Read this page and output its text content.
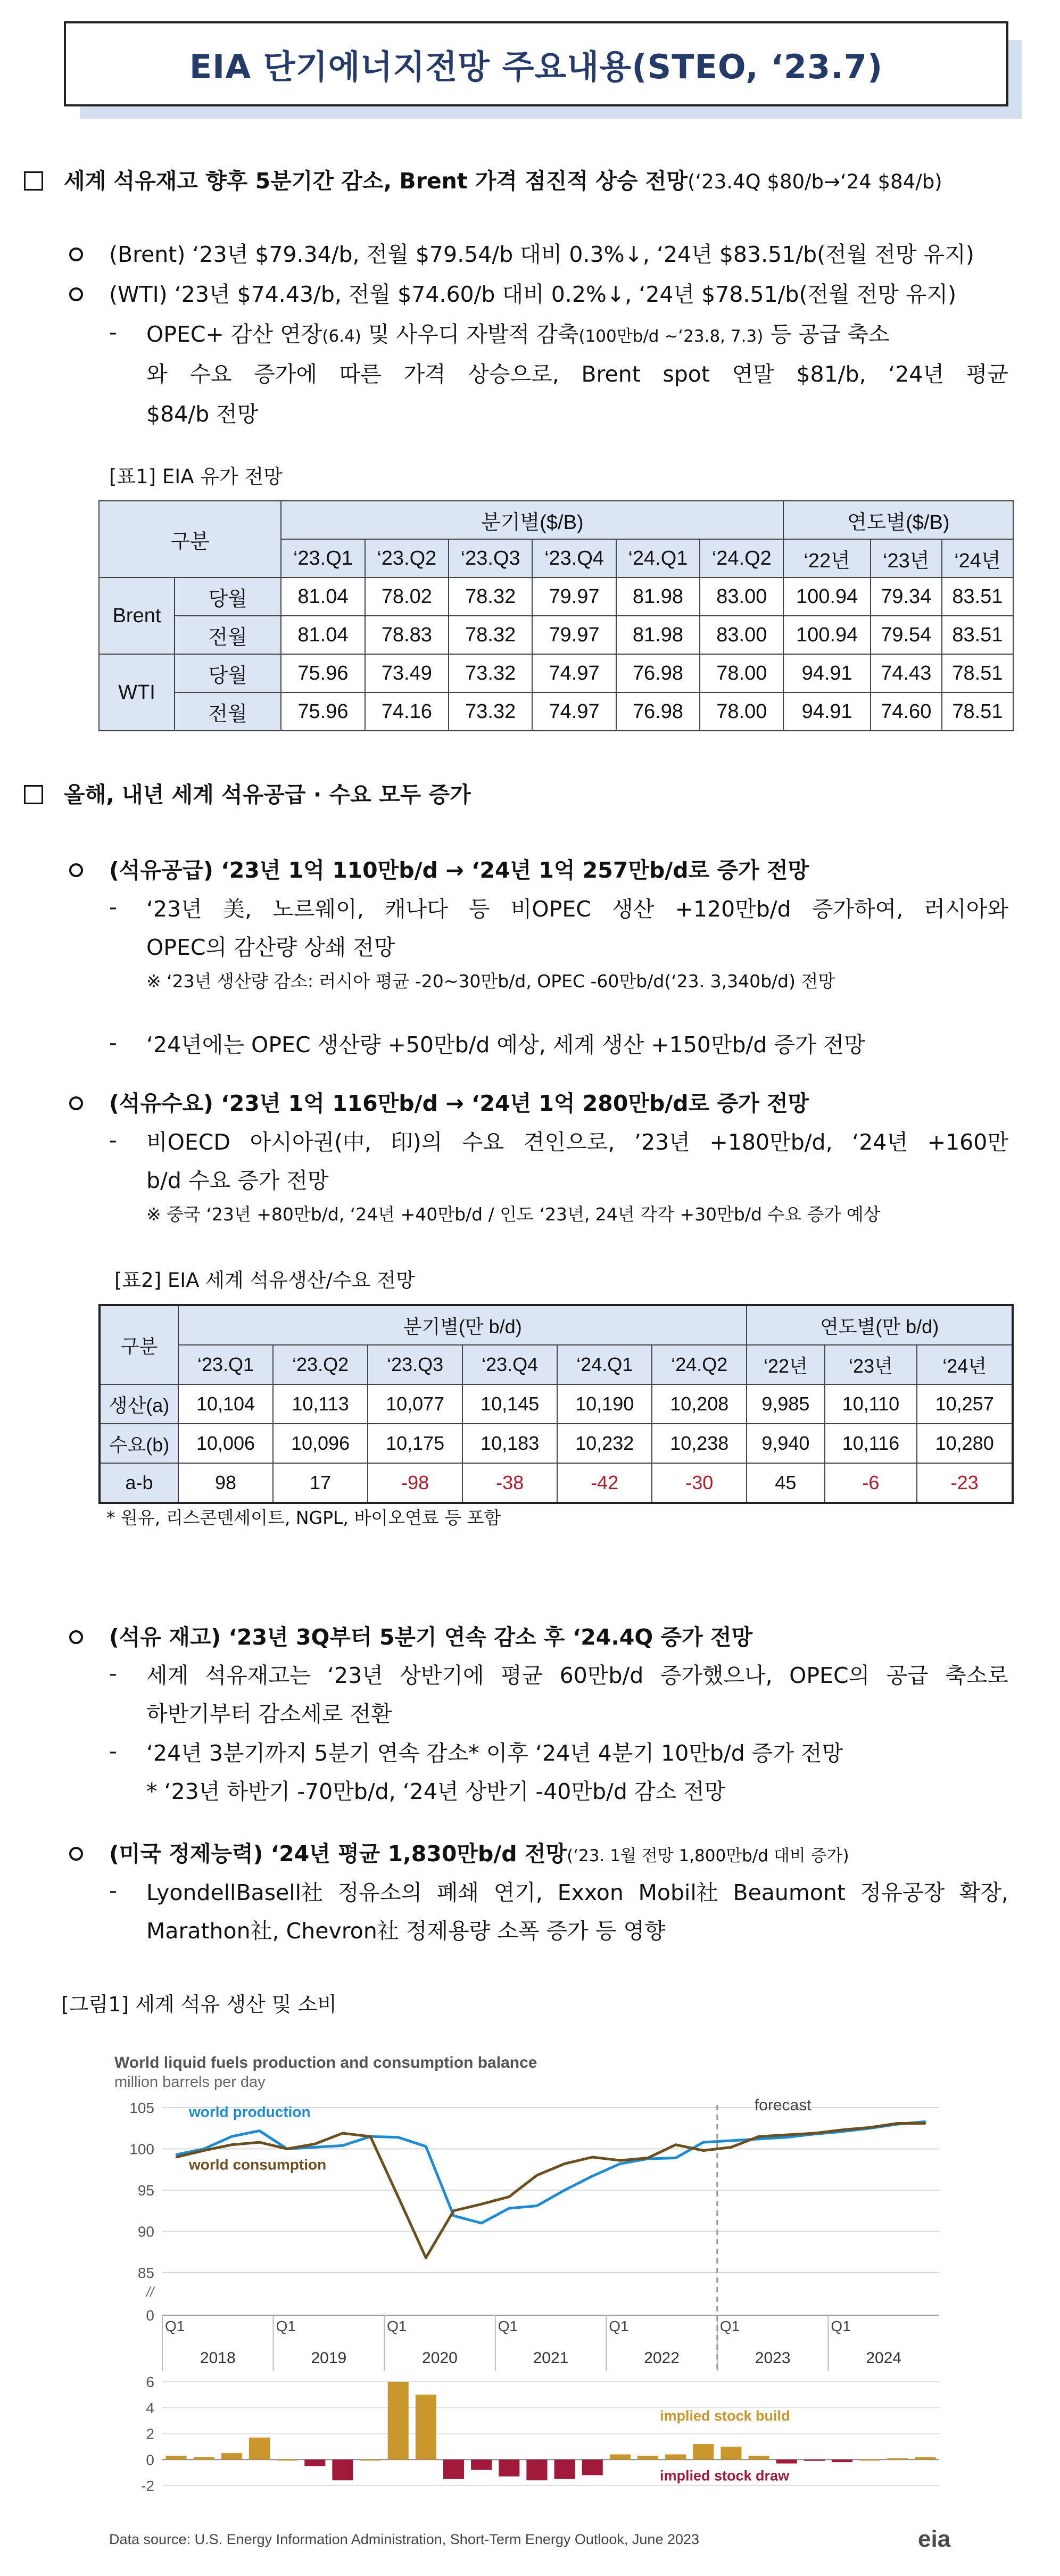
EIA 단기에너지전망 주요내용(STEO, ‘23.7)
세계 석유재고 향후 5분기간 감소, Brent 가격 점진적 상승 전망(‘23.4Q $80/b→‘24 $84/b)
(Brent) ‘23년 $79.34/b, 전월 $79.54/b 대비 0.3%↓, ‘24년 $83.51/b(전월 전망 유지)
(WTI) ‘23년 $74.43/b, 전월 $74.60/b 대비 0.2%↓, ‘24년 $78.51/b(전월 전망 유지)
- OPEC+ 감산 연장(6.4) 및 사우디 자발적 감축(100만b/d ~‘23.8, 7.3) 등 공급 축소
와 수요 증가에 따른 가격 상승으로, Brent spot 연말 $81/b, ‘24년 평균
$84/b 전망
[표1] EIA 유가 전망
구분		분기별($/B)						연도별($/B)		
		‘23.Q1	‘23.Q2	‘23.Q3	‘23.Q4	‘24.Q1	‘24.Q2	‘22년	‘23년	‘24년
Brent	당월	81.04	78.02	78.32	79.97	81.98	83.00	100.94	79.34	83.51
	전월	81.04	78.83	78.32	79.97	81.98	83.00	100.94	79.54	83.51
WTI	당월	75.96	73.49	73.32	74.97	76.98	78.00	94.91	74.43	78.51
	전월	75.96	74.16	73.32	74.97	76.98	78.00	94.91	74.60	78.51
올해, 내년 세계 석유공급 · 수요 모두 증가
(석유공급) ‘23년 1억 110만b/d → ‘24년 1억 257만b/d로 증가 전망
- ‘23년 美, 노르웨이, 캐나다 등 비OPEC 생산 +120만b/d 증가하여, 러시아와
OPEC의 감산량 상쇄 전망
※ ‘23년 생산량 감소: 러시아 평균 -20~30만b/d, OPEC -60만b/d(‘23. 3,340b/d) 전망
- ‘24년에는 OPEC 생산량 +50만b/d 예상, 세계 생산 +150만b/d 증가 전망
(석유수요) ‘23년 1억 116만b/d → ‘24년 1억 280만b/d로 증가 전망
- 비OECD 아시아권(中, 印)의 수요 견인으로, ’23년 +180만b/d, ‘24년 +160만
b/d 수요 증가 전망
※ 중국 ‘23년 +80만b/d, ‘24년 +40만b/d / 인도 ‘23년, 24년 각각 +30만b/d 수요 증가 예상
[표2] EIA 세계 석유생산/수요 전망
구분	분기별(만 b/d)						연도별(만 b/d)		
	‘23.Q1	‘23.Q2	‘23.Q3	‘23.Q4	‘24.Q1	‘24.Q2	‘22년	‘23년	‘24년
생산(a)	10,104	10,113	10,077	10,145	10,190	10,208	9,985	10,110	10,257
수요(b)	10,006	10,096	10,175	10,183	10,232	10,238	9,940	10,116	10,280
a-b	98	17	-98	-38	-42	-30	45	-6	-23
* 원유, 리스콘덴세이트, NGPL, 바이오연료 등 포함
(석유 재고) ‘23년 3Q부터 5분기 연속 감소 후 ‘24.4Q 증가 전망
- 세계 석유재고는 ‘23년 상반기에 평균 60만b/d 증가했으나, OPEC의 공급 축소로
하반기부터 감소세로 전환
- ‘24년 3분기까지 5분기 연속 감소* 이후 ‘24년 4분기 10만b/d 증가 전망
* ‘23년 하반기 -70만b/d, ‘24년 상반기 -40만b/d 감소 전망
(미국 정제능력) ‘24년 평균 1,830만b/d 전망(‘23. 1월 전망 1,800만b/d 대비 증가)
- LyondellBasell社 정유소의 폐쇄 연기, Exxon Mobil社 Beaumont 정유공장 확장,
Marathon社, Chevron社 정제용량 소폭 증가 등 영향
[그림1] 세계 석유 생산 및 소비
World liquid fuels production and consumption balance
million barrels per day
105
100
95
90
85
0
//
Q1
2018
Q1
2019
Q1
2020
Q1
2021
Q1
2022
Q1
2023
Q1
2024
6
4
2
0
-2
forecast
world production
world consumption
implied stock build
implied stock draw
Data source: U.S. Energy Information Administration, Short-Term Energy Outlook, June 2023	eia
